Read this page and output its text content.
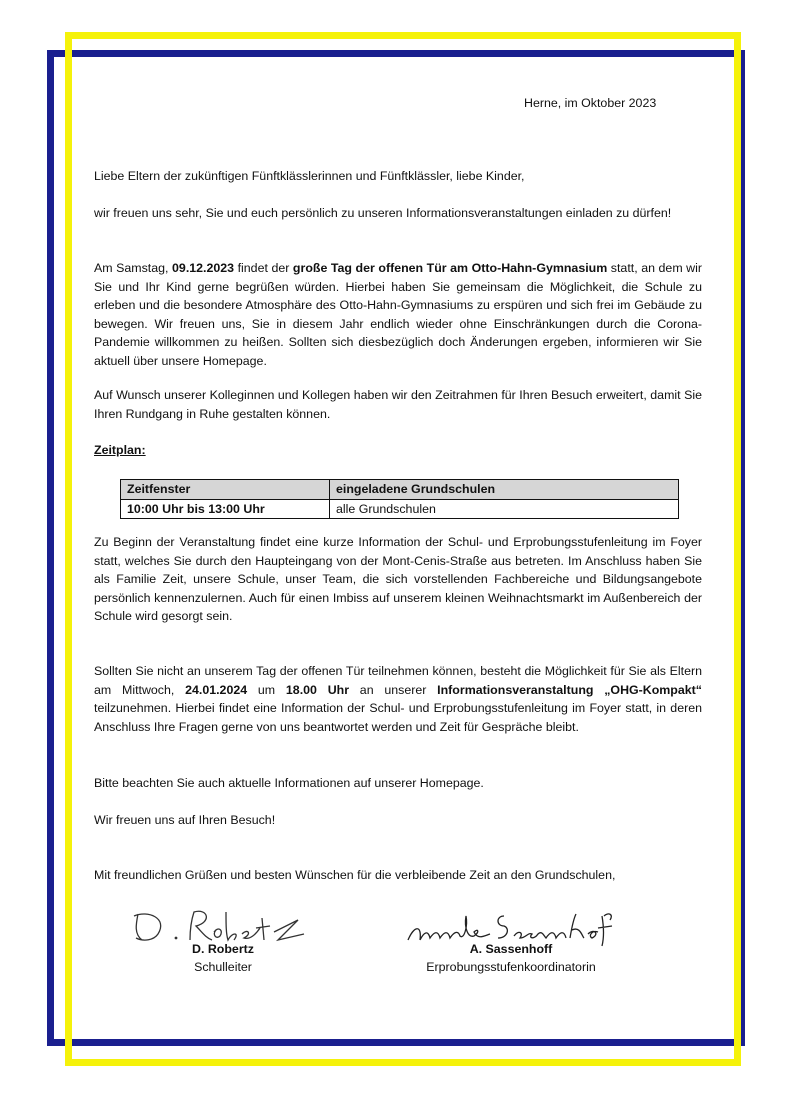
Herne, im Oktober 2023

Liebe Eltern der zukünftigen Fünftklässlerinnen und Fünftklässler, liebe Kinder,

wir freuen uns sehr, Sie und euch persönlich zu unseren Informationsveranstaltungen einladen zu dürfen!

Am Samstag, 09.12.2023 findet der große Tag der offenen Tür am Otto-Hahn-Gymnasium statt, an dem wir Sie und Ihr Kind gerne begrüßen würden. Hierbei haben Sie gemeinsam die Möglichkeit, die Schule zu erleben und die besondere Atmosphäre des Otto-Hahn-Gymnasiums zu erspüren und sich frei im Gebäude zu bewegen. Wir freuen uns, Sie in diesem Jahr endlich wieder ohne Einschränkungen durch die Corona-Pandemie willkommen zu heißen. Sollten sich diesbezüglich doch Änderungen ergeben, informieren wir Sie aktuell über unsere Homepage.

Auf Wunsch unserer Kolleginnen und Kollegen haben wir den Zeitrahmen für Ihren Besuch erweitert, damit Sie Ihren Rundgang in Ruhe gestalten können.

Zeitplan:
Zeitfenster	eingeladene Grundschulen
10:00 Uhr bis 13:00 Uhr	alle Grundschulen

Zu Beginn der Veranstaltung findet eine kurze Information der Schul- und Erprobungsstufenleitung im Foyer statt, welches Sie durch den Haupteingang von der Mont-Cenis-Straße aus betreten. Im Anschluss haben Sie als Familie Zeit, unsere Schule, unser Team, die sich vorstellenden Fachbereiche und Bildungsangebote persönlich kennenzulernen. Auch für einen Imbiss auf unserem kleinen Weihnachtsmarkt im Außenbereich der Schule wird gesorgt sein.

Sollten Sie nicht an unserem Tag der offenen Tür teilnehmen können, besteht die Möglichkeit für Sie als Eltern am Mittwoch, 24.01.2024 um 18.00 Uhr an unserer Informationsveranstaltung „OHG-Kompakt“ teilzunehmen. Hierbei findet eine Information der Schul- und Erprobungsstufenleitung im Foyer statt, in deren Anschluss Ihre Fragen gerne von uns beantwortet werden und Zeit für Gespräche bleibt.

Bitte beachten Sie auch aktuelle Informationen auf unserer Homepage.

Wir freuen uns auf Ihren Besuch!

Mit freundlichen Grüßen und besten Wünschen für die verbleibende Zeit an den Grundschulen,

D. Robertz
Schulleiter
A. Sassenhoff
Erprobungsstufenkoordinatorin
